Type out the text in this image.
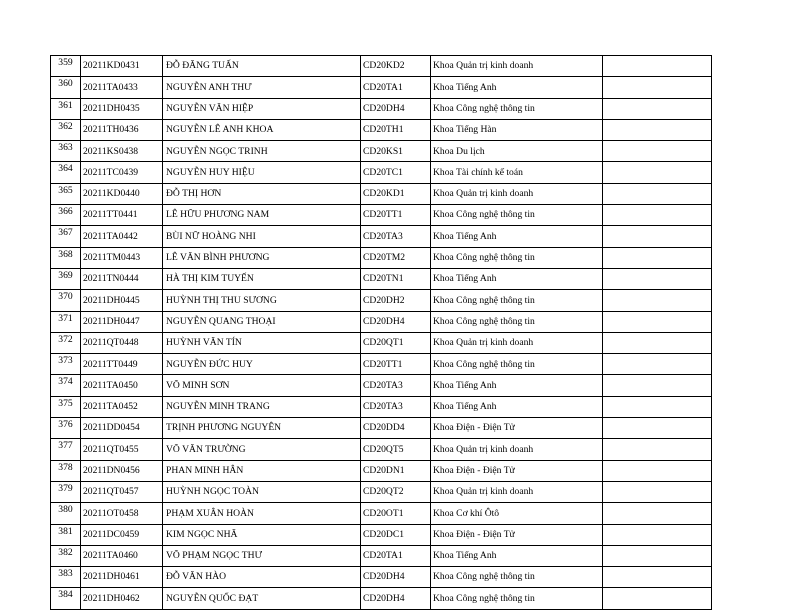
359	20211KD0431	ĐỖ ĐĂNG TUẤN	CD20KD2	Khoa Quản trị kinh doanh	
360	20211TA0433	NGUYỄN ANH THƯ	CD20TA1	Khoa Tiếng Anh	
361	20211DH0435	NGUYỄN VĂN HIỆP	CD20DH4	Khoa Công nghệ thông tin	
362	20211TH0436	NGUYỄN LÊ ANH KHOA	CD20TH1	Khoa Tiếng Hàn	
363	20211KS0438	NGUYỄN NGỌC TRINH	CD20KS1	Khoa Du lịch	
364	20211TC0439	NGUYỄN HUY HIỆU	CD20TC1	Khoa Tài chính kế toán	
365	20211KD0440	ĐỖ THỊ HƠN	CD20KD1	Khoa Quản trị kinh doanh	
366	20211TT0441	LÊ HỮU PHƯƠNG NAM	CD20TT1	Khoa Công nghệ thông tin	
367	20211TA0442	BÙI NỮ HOÀNG NHI	CD20TA3	Khoa Tiếng Anh	
368	20211TM0443	LÊ VĂN BÌNH PHƯƠNG	CD20TM2	Khoa Công nghệ thông tin	
369	20211TN0444	HÀ THỊ KIM TUYẾN	CD20TN1	Khoa Tiếng Anh	
370	20211DH0445	HUỲNH THỊ THU SƯƠNG	CD20DH2	Khoa Công nghệ thông tin	
371	20211DH0447	NGUYỄN QUANG THOẠI	CD20DH4	Khoa Công nghệ thông tin	
372	20211QT0448	HUỲNH VĂN TÍN	CD20QT1	Khoa Quản trị kinh doanh	
373	20211TT0449	NGUYỄN ĐỨC HUY	CD20TT1	Khoa Công nghệ thông tin	
374	20211TA0450	VÕ MINH SƠN	CD20TA3	Khoa Tiếng Anh	
375	20211TA0452	NGUYỄN MINH TRANG	CD20TA3	Khoa Tiếng Anh	
376	20211DD0454	TRỊNH PHƯƠNG NGUYÊN	CD20DD4	Khoa Điện - Điện Tử	
377	20211QT0455	VÕ VĂN TRƯỜNG	CD20QT5	Khoa Quản trị kinh doanh	
378	20211DN0456	PHAN MINH HÂN	CD20DN1	Khoa Điện - Điện Tử	
379	20211QT0457	HUỲNH NGỌC TOÀN	CD20QT2	Khoa Quản trị kinh doanh	
380	20211OT0458	PHẠM XUÂN HOÀN	CD20OT1	Khoa Cơ khí Ôtô	
381	20211DC0459	KIM NGỌC NHÃ	CD20DC1	Khoa Điện - Điện Tử	
382	20211TA0460	VÕ PHẠM NGỌC THƯ	CD20TA1	Khoa Tiếng Anh	
383	20211DH0461	ĐỖ VĂN HÀO	CD20DH4	Khoa Công nghệ thông tin	
384	20211DH0462	NGUYỄN QUỐC ĐẠT	CD20DH4	Khoa Công nghệ thông tin	
